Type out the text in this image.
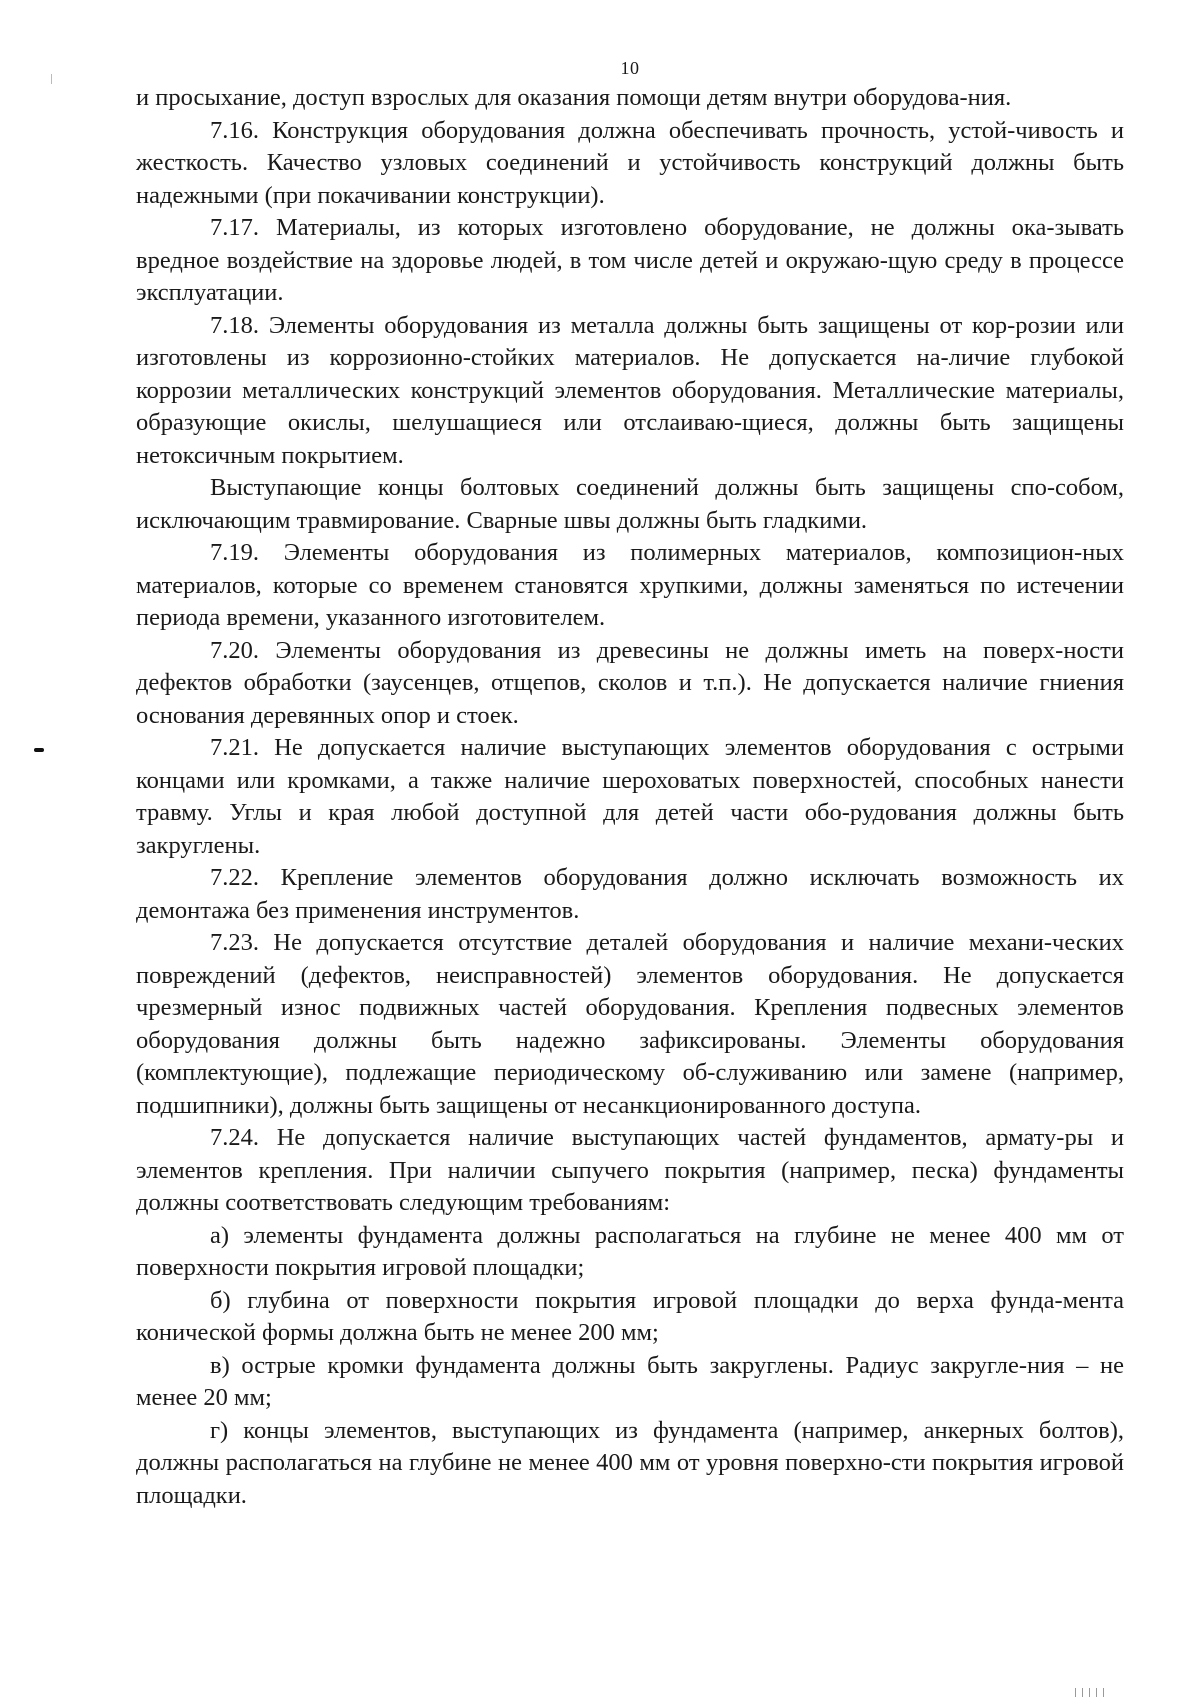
10

и просыхание, доступ взрослых для оказания помощи детям внутри оборудова-ния.

7.16. Конструкция оборудования должна обеспечивать прочность, устой-чивость и жесткость. Качество узловых соединений и устойчивость конструкций должны быть надежными (при покачивании конструкции).

7.17. Материалы, из которых изготовлено оборудование, не должны ока-зывать вредное воздействие на здоровье людей, в том числе детей и окружаю-щую среду в процессе эксплуатации.

7.18. Элементы оборудования из металла должны быть защищены от кор-розии или изготовлены из коррозионно-стойких материалов. Не допускается на-личие глубокой коррозии металлических конструкций элементов оборудования. Металлические материалы, образующие окислы, шелушащиеся или отслаиваю-щиеся, должны быть защищены нетоксичным покрытием.

Выступающие концы болтовых соединений должны быть защищены спо-собом, исключающим травмирование. Сварные швы должны быть гладкими.

7.19. Элементы оборудования из полимерных материалов, композицион-ных материалов, которые со временем становятся хрупкими, должны заменяться по истечении периода времени, указанного изготовителем.

7.20. Элементы оборудования из древесины не должны иметь на поверх-ности дефектов обработки (заусенцев, отщепов, сколов и т.п.). Не допускается наличие гниения основания деревянных опор и стоек.

7.21. Не допускается наличие выступающих элементов оборудования с острыми концами или кромками, а также наличие шероховатых поверхностей, способных нанести травму. Углы и края любой доступной для детей части обо-рудования должны быть закруглены.

7.22. Крепление элементов оборудования должно исключать возможность их демонтажа без применения инструментов.

7.23. Не допускается отсутствие деталей оборудования и наличие механи-ческих повреждений (дефектов, неисправностей) элементов оборудования. Не допускается чрезмерный износ подвижных частей оборудования. Крепления подвесных элементов оборудования должны быть надежно зафиксированы. Элементы оборудования (комплектующие), подлежащие периодическому об-служиванию или замене (например, подшипники), должны быть защищены от несанкционированного доступа.

7.24. Не допускается наличие выступающих частей фундаментов, армату-ры и элементов крепления. При наличии сыпучего покрытия (например, песка) фундаменты должны соответствовать следующим требованиям:

а) элементы фундамента должны располагаться на глубине не менее 400 мм от поверхности покрытия игровой площадки;

б) глубина от поверхности покрытия игровой площадки до верха фунда-мента конической формы должна быть не менее 200 мм;

в) острые кромки фундамента должны быть закруглены. Радиус закругле-ния – не менее 20 мм;

г) концы элементов, выступающих из фундамента (например, анкерных болтов), должны располагаться на глубине не менее 400 мм от уровня поверхно-сти покрытия игровой площадки.
